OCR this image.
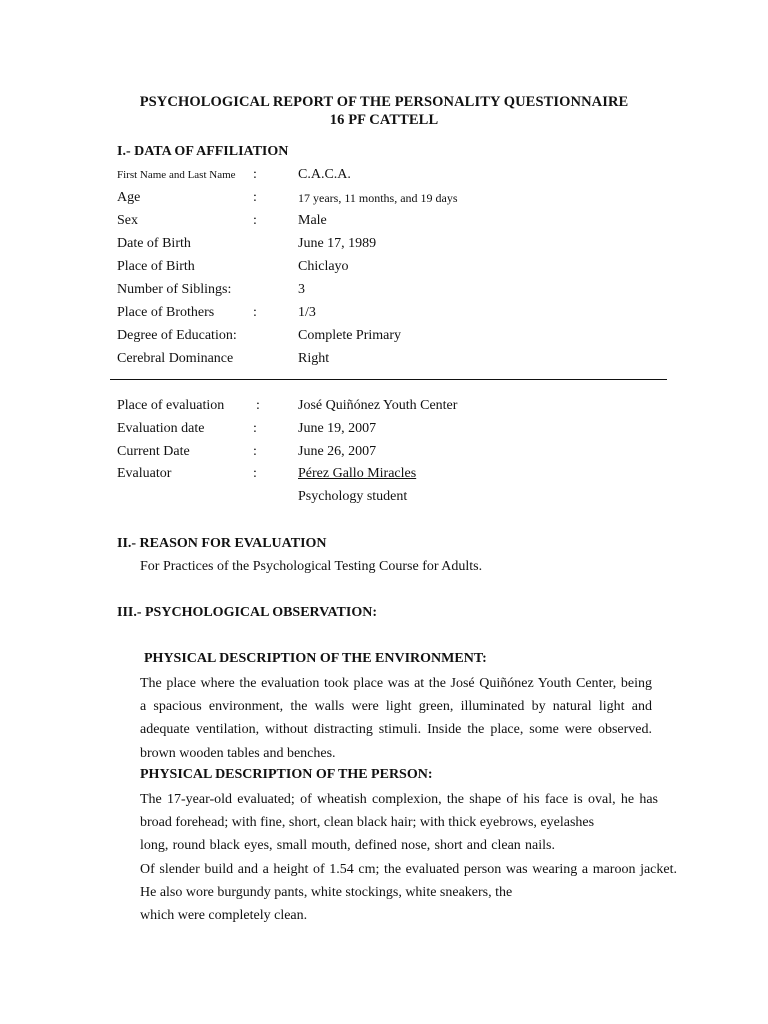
PSYCHOLOGICAL REPORT OF THE PERSONALITY QUESTIONNAIRE
16 PF CATTELL
I.- DATA OF AFFILIATION
First Name and Last Name :	C.A.C.A.
Age	:	17 years, 11 months, and 19 days
Sex	:	Male
Date of Birth	June 17, 1989
Place of Birth	Chiclayo
Number of Siblings:	3
Place of Brothers	:	1/3
Degree of Education:	Complete Primary
Cerebral Dominance	Right
Place of evaluation :	José Quiñónez Youth Center
Evaluation date	:	June 19, 2007
Current Date	:	June 26, 2007
Evaluator	:	Pérez Gallo Miracles
Psychology student
II.- REASON FOR EVALUATION
For Practices of the Psychological Testing Course for Adults.
III.- PSYCHOLOGICAL OBSERVATION:
PHYSICAL DESCRIPTION OF THE ENVIRONMENT:
The place where the evaluation took place was at the José Quiñónez Youth Center, being
a spacious environment, the walls were light green, illuminated by natural light and
adequate ventilation, without distracting stimuli. Inside the place, some were observed.
brown wooden tables and benches.
PHYSICAL DESCRIPTION OF THE PERSON:
The 17-year-old evaluated; of wheatish complexion, the shape of his face is oval, he has
broad forehead; with fine, short, clean black hair; with thick eyebrows, eyelashes
long, round black eyes, small mouth, defined nose, short and clean nails.
Of slender build and a height of 1.54 cm; the evaluated person was wearing a maroon jacket.
He also wore burgundy pants, white stockings, white sneakers, the
which were completely clean.
